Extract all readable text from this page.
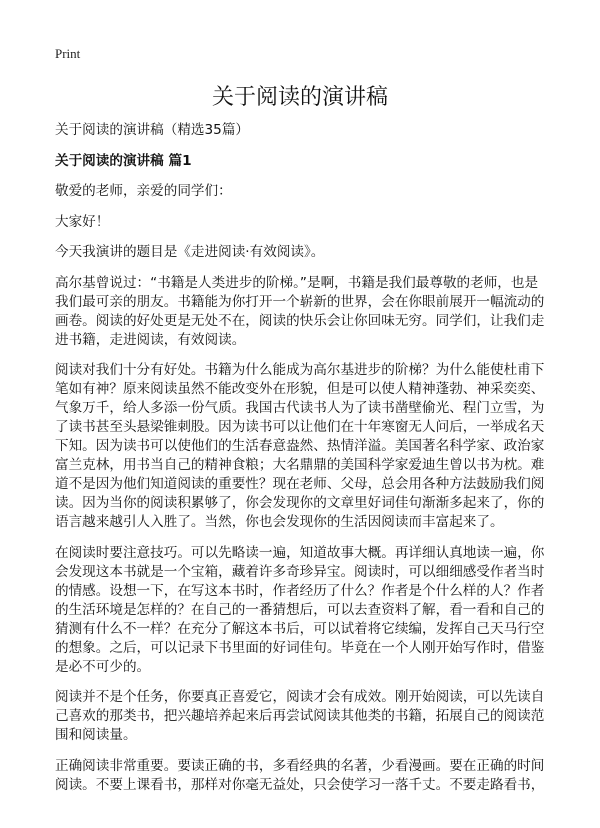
Print
关于阅读的演讲稿

关于阅读的演讲稿（精选35篇）

关于阅读的演讲稿 篇1

敬爱的老师，亲爱的同学们：

大家好！

今天我演讲的题目是《走进阅读·有效阅读》。

高尔基曾说过：“书籍是人类进步的阶梯。”是啊，书籍是我们最尊敬的老师，也是
我们最可亲的朋友。书籍能为你打开一个崭新的世界，会在你眼前展开一幅流动的
画卷。阅读的好处更是无处不在，阅读的快乐会让你回味无穷。同学们，让我们走
进书籍，走进阅读，有效阅读。

阅读对我们十分有好处。书籍为什么能成为高尔基进步的阶梯？为什么能使杜甫下
笔如有神？原来阅读虽然不能改变外在形貌，但是可以使人精神蓬勃、神采奕奕、
气象万千，给人多添一份气质。我国古代读书人为了读书凿壁偷光、程门立雪，为
了读书甚至头悬梁锥刺股。因为读书可以让他们在十年寒窗无人问后，一举成名天
下知。因为读书可以使他们的生活春意盎然、热情洋溢。美国著名科学家、政治家
富兰克林，用书当自己的精神食粮；大名鼎鼎的美国科学家爱迪生曾以书为枕。难
道不是因为他们知道阅读的重要性？现在老师、父母，总会用各种方法鼓励我们阅
读。因为当你的阅读积累够了，你会发现你的文章里好词佳句渐渐多起来了，你的
语言越来越引人入胜了。当然，你也会发现你的生活因阅读而丰富起来了。

在阅读时要注意技巧。可以先略读一遍，知道故事大概。再详细认真地读一遍，你
会发现这本书就是一个宝箱，藏着许多奇珍异宝。阅读时，可以细细感受作者当时
的情感。设想一下，在写这本书时，作者经历了什么？作者是个什么样的人？作者
的生活环境是怎样的？在自己的一番猜想后，可以去查资料了解，看一看和自己的
猜测有什么不一样？在充分了解这本书后，可以试着将它续编，发挥自己天马行空
的想象。之后，可以记录下书里面的好词佳句。毕竟在一个人刚开始写作时，借鉴
是必不可少的。

阅读并不是个任务，你要真正喜爱它，阅读才会有成效。刚开始阅读，可以先读自
己喜欢的那类书，把兴趣培养起来后再尝试阅读其他类的书籍，拓展自己的阅读范
围和阅读量。

正确阅读非常重要。要读正确的书，多看经典的名著，少看漫画。要在正确的时间
阅读。不要上课看书，那样对你毫无益处，只会使学习一落千丈。不要走路看书，
